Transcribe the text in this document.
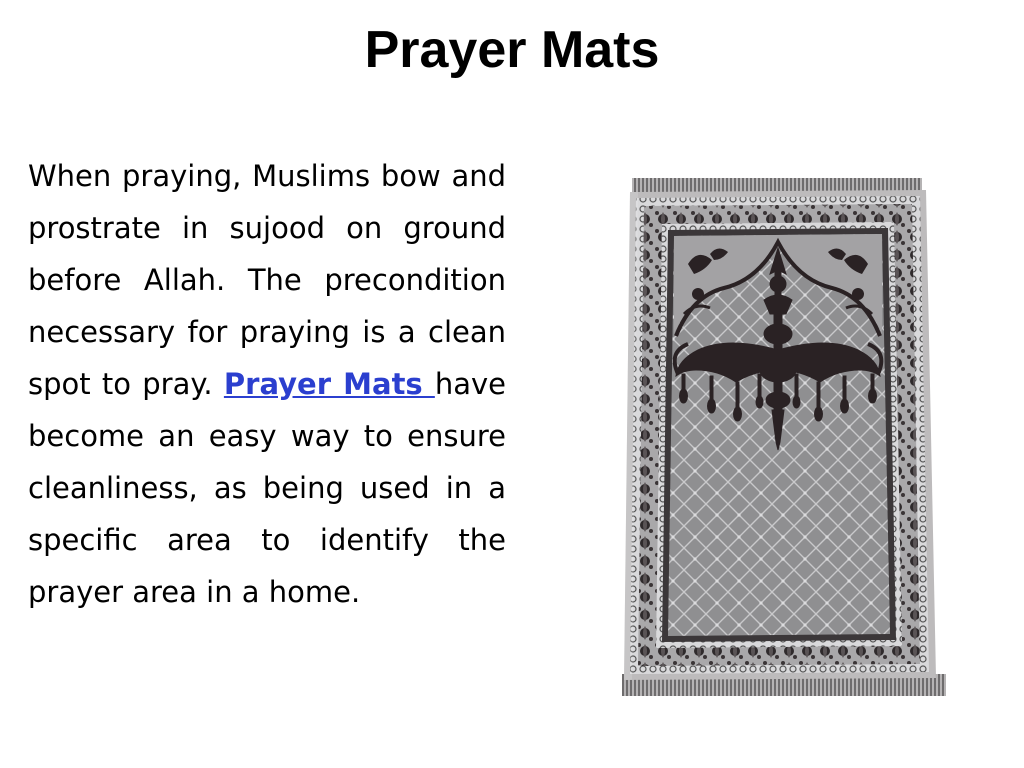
Prayer Mats

When praying, Muslims bow and prostrate in sujood on ground before Allah. The precondition necessary for praying is a clean spot to pray. Prayer Mats have become an easy way to ensure cleanliness, as being used in a specific area to identify the prayer area in a home.
